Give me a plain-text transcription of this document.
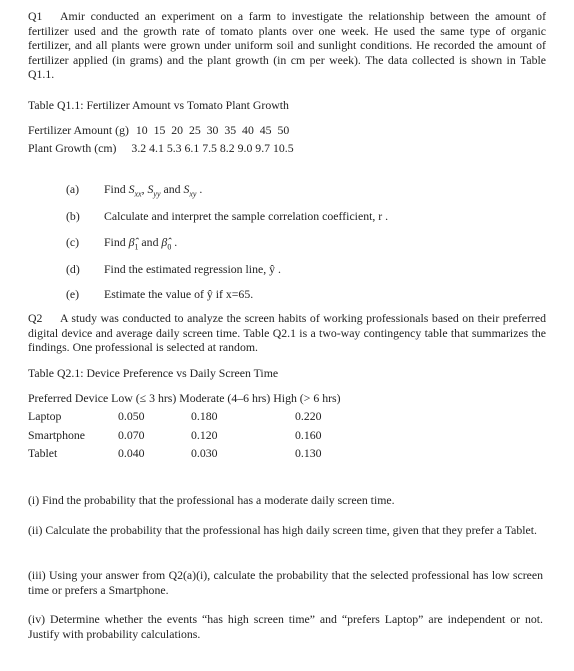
Q1 Amir conducted an experiment on a farm to investigate the relationship between the amount of fertilizer used and the growth rate of tomato plants over one week. He used the same type of organic fertilizer, and all plants were grown under uniform soil and sunlight conditions. He recorded the amount of fertilizer applied (in grams) and the plant growth (in cm per week). The data collected is shown in Table Q1.1.
Table Q1.1: Fertilizer Amount vs Tomato Plant Growth
Fertilizer Amount (g) 10  15  20  25  30  35  40  45  50
Plant Growth (cm) 3.2 4.1 5.3 6.1 7.5 8.2 9.0 9.7 10.5
(a) Find $S_{xx}$, $S_{yy}$ and $S_{xy}$ .
(b) Calculate and interpret the sample correlation coefficient, r .
(c) Find $\betâ_1$ and $\betâ_0$ .
(d) Find the estimated regression line, ŷ .
(e) Estimate the value of ŷ if x=65.
Q2 A study was conducted to analyze the screen habits of working professionals based on their preferred digital device and average daily screen time. Table Q2.1 is a two-way contingency table that summarizes the findings. One professional is selected at random.
Table Q2.1: Device Preference vs Daily Screen Time
Preferred Device Low (≤ 3 hrs) Moderate (4–6 hrs) High (> 6 hrs)
Laptop	0.050	0.180	0.220
Smartphone	0.070	0.120	0.160
Tablet	0.040	0.030	0.130
(i) Find the probability that the professional has a moderate daily screen time.
(ii) Calculate the probability that the professional has high daily screen time, given that they prefer a Tablet.
(iii) Using your answer from Q2(a)(i), calculate the probability that the selected professional has low screen time or prefers a Smartphone.
(iv) Determine whether the events “has high screen time” and “prefers Laptop” are independent or not. Justify with probability calculations.
